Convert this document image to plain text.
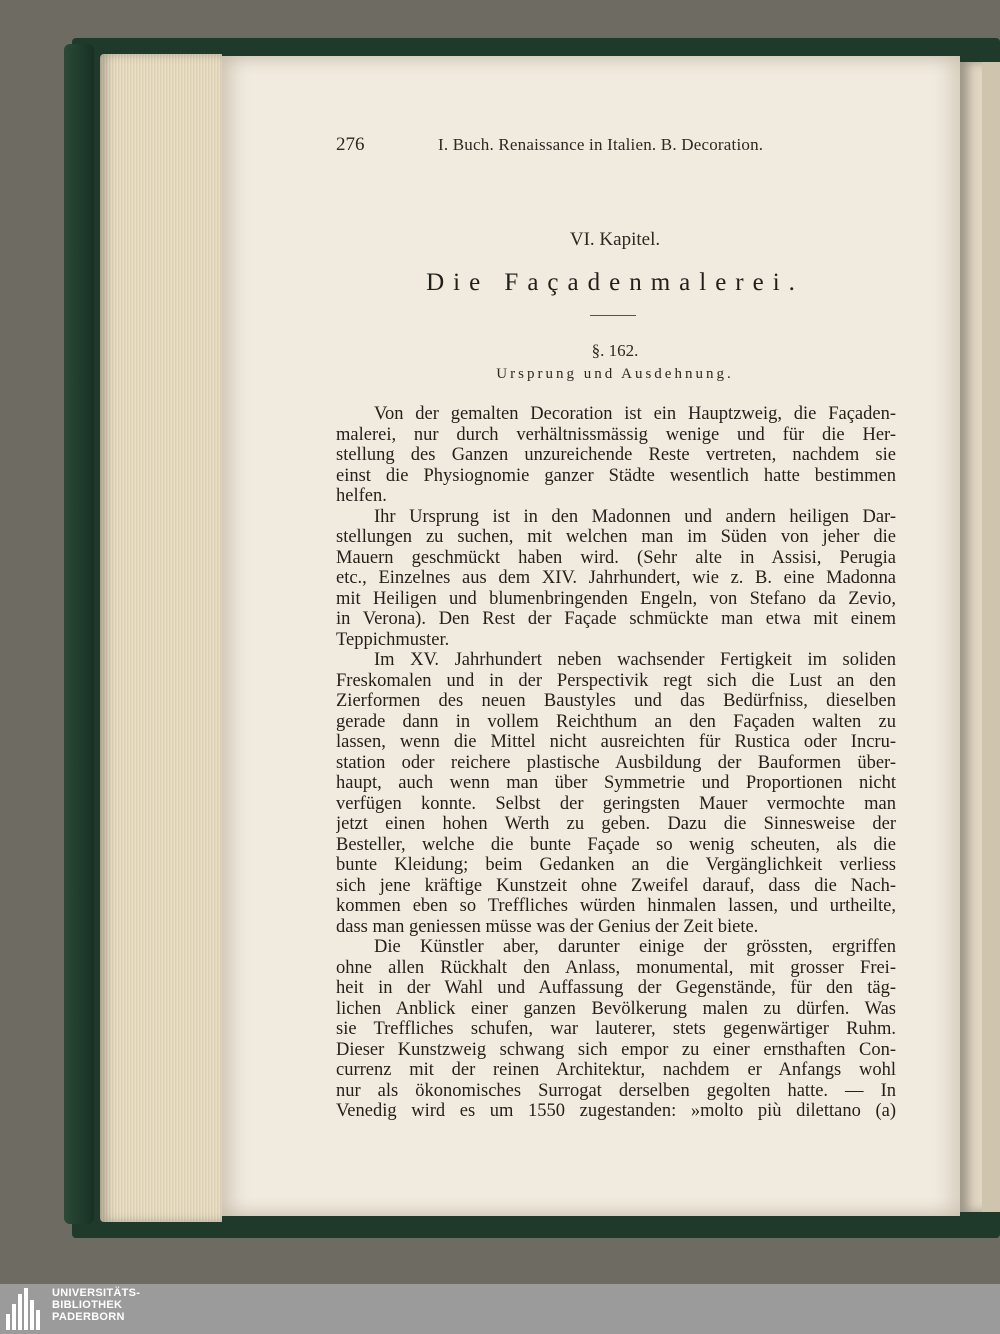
276	I. Buch. Renaissance in Italien. B. Decoration.
VI. Kapitel.
Die Façadenmalerei.
§. 162.
Ursprung und Ausdehnung.
Von der gemalten Decoration ist ein Hauptzweig, die Façaden-
malerei, nur durch verhältnissmässig wenige und für die Her-
stellung des Ganzen unzureichende Reste vertreten, nachdem sie
einst die Physiognomie ganzer Städte wesentlich hatte bestimmen
helfen.
Ihr Ursprung ist in den Madonnen und andern heiligen Dar-
stellungen zu suchen, mit welchen man im Süden von jeher die
Mauern geschmückt haben wird. (Sehr alte in Assisi, Perugia
etc., Einzelnes aus dem XIV. Jahrhundert, wie z. B. eine Madonna
mit Heiligen und blumenbringenden Engeln, von Stefano da Zevio,
in Verona). Den Rest der Façade schmückte man etwa mit einem
Teppichmuster.
Im XV. Jahrhundert neben wachsender Fertigkeit im soliden
Freskomalen und in der Perspectivik regt sich die Lust an den
Zierformen des neuen Baustyles und das Bedürfniss, dieselben
gerade dann in vollem Reichthum an den Façaden walten zu
lassen, wenn die Mittel nicht ausreichten für Rustica oder Incru-
station oder reichere plastische Ausbildung der Bauformen über-
haupt, auch wenn man über Symmetrie und Proportionen nicht
verfügen konnte. Selbst der geringsten Mauer vermochte man
jetzt einen hohen Werth zu geben. Dazu die Sinnesweise der
Besteller, welche die bunte Façade so wenig scheuten, als die
bunte Kleidung; beim Gedanken an die Vergänglichkeit verliess
sich jene kräftige Kunstzeit ohne Zweifel darauf, dass die Nach-
kommen eben so Treffliches würden hinmalen lassen, und urtheilte,
dass man geniessen müsse was der Genius der Zeit biete.
Die Künstler aber, darunter einige der grössten, ergriffen
ohne allen Rückhalt den Anlass, monumental, mit grosser Frei-
heit in der Wahl und Auffassung der Gegenstände, für den täg-
lichen Anblick einer ganzen Bevölkerung malen zu dürfen. Was
sie Treffliches schufen, war lauterer, stets gegenwärtiger Ruhm.
Dieser Kunstzweig schwang sich empor zu einer ernsthaften Con-
currenz mit der reinen Architektur, nachdem er Anfangs wohl
nur als ökonomisches Surrogat derselben gegolten hatte. — In
Venedig wird es um 1550 zugestanden: »molto più dilettano (a)
UNIVERSITÄTS-
BIBLIOTHEK
PADERBORN
